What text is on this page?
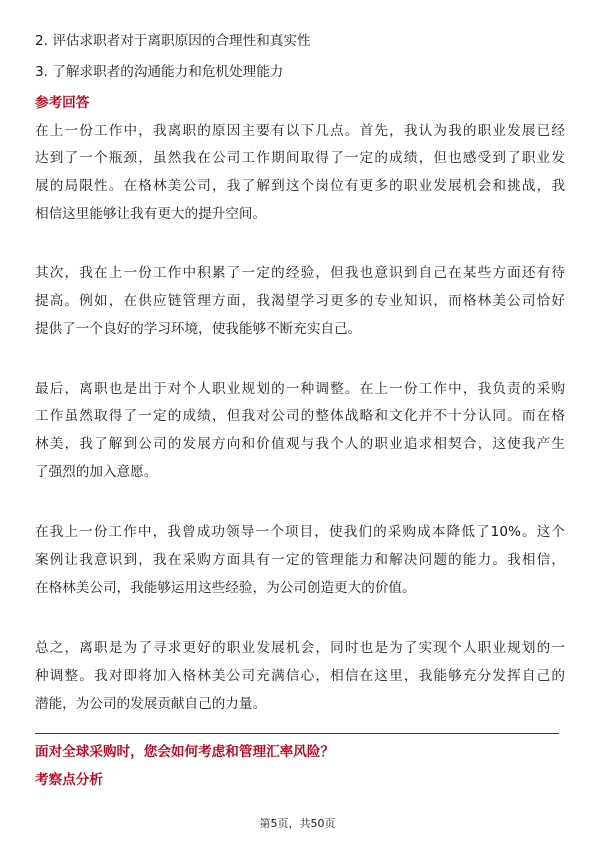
2. 评估求职者对于离职原因的合理性和真实性
3. 了解求职者的沟通能力和危机处理能力
参考回答
在上一份工作中，我离职的原因主要有以下几点。首先，我认为我的职业发展已经
达到了一个瓶颈，虽然我在公司工作期间取得了一定的成绩，但也感受到了职业发
展的局限性。在格林美公司，我了解到这个岗位有更多的职业发展机会和挑战，我
相信这里能够让我有更大的提升空间。
其次，我在上一份工作中积累了一定的经验，但我也意识到自己在某些方面还有待
提高。例如，在供应链管理方面，我渴望学习更多的专业知识，而格林美公司恰好
提供了一个良好的学习环境，使我能够不断充实自己。
最后，离职也是出于对个人职业规划的一种调整。在上一份工作中，我负责的采购
工作虽然取得了一定的成绩，但我对公司的整体战略和文化并不十分认同。而在格
林美，我了解到公司的发展方向和价值观与我个人的职业追求相契合，这使我产生
了强烈的加入意愿。
在我上一份工作中，我曾成功领导一个项目，使我们的采购成本降低了10%。这个
案例让我意识到，我在采购方面具有一定的管理能力和解决问题的能力。我相信，
在格林美公司，我能够运用这些经验，为公司创造更大的价值。
总之，离职是为了寻求更好的职业发展机会，同时也是为了实现个人职业规划的一
种调整。我对即将加入格林美公司充满信心，相信在这里，我能够充分发挥自己的
潜能，为公司的发展贡献自己的力量。
面对全球采购时，您会如何考虑和管理汇率风险？
考察点分析
第5页，共50页
